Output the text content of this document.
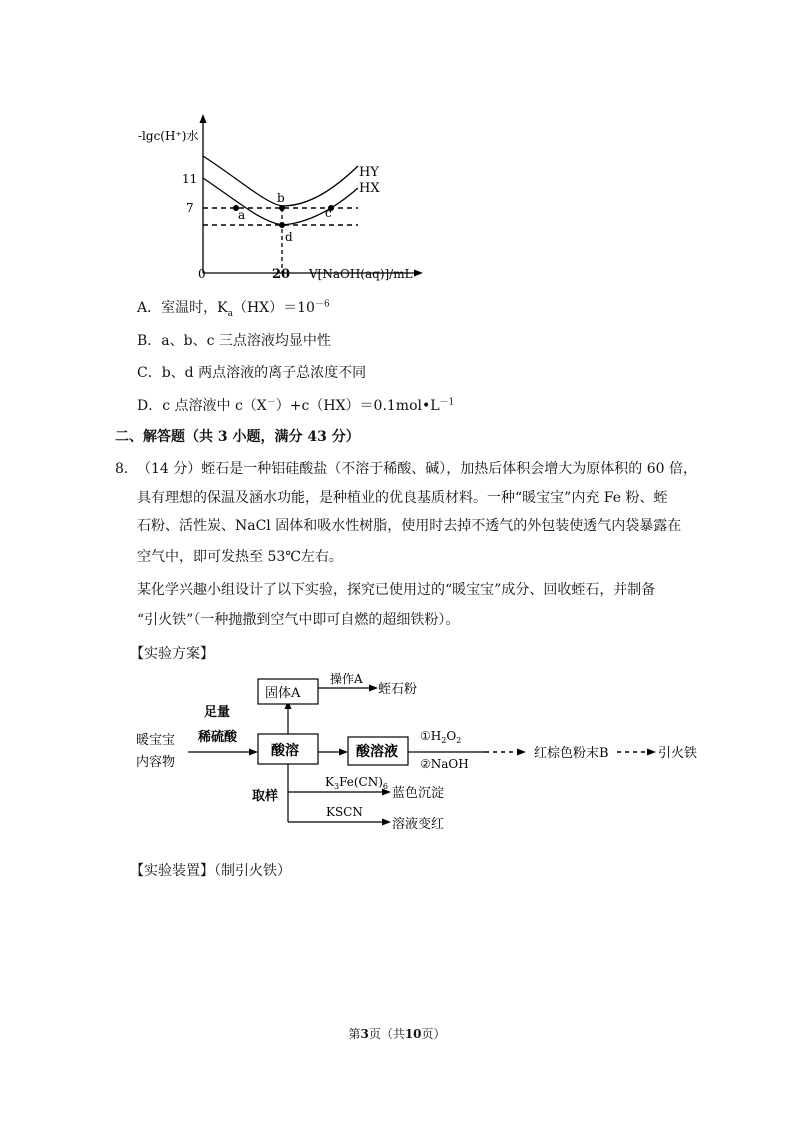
-lgc(H⁺)水
11
7
0	20 V[NaOH(aq)]/mL
HY
HX
a
b
c
d
A．室温时，$K_a(HX)=10^{-6}$
B．a、b、c 三点溶液均显中性
C．b、d 两点溶液的离子总浓度不同
D．c 点溶液中 $c(X^-)+c(HX)=0.1mol•L^{-1}$
二、解答题（共 3 小题，满分 43 分）
8． （14 分）蛭石是一种铝硅酸盐（不溶于稀酸、碱），加热后体积会增大为原体积的 60 倍，
具有理想的保温及涵水功能，是种植业的优良基质材料。一种“暖宝宝”内充 Fe 粉、蛭
石粉、活性炭、NaCl 固体和吸水性树脂，使用时去掉不透气的外包装使透气内袋暴露在
空气中，即可发热至 53℃左右。
某化学兴趣小组设计了以下实验，探究已使用过的“暖宝宝”成分、回收蛭石，并制备
“引火铁”（一种抛撒到空气中即可自燃的超细铁粉）。
【实验方案】
暖宝宝
内容物
足量
稀硫酸
酸溶
固体A
操作A
蛭石粉
酸溶液
$①H_2O_2$
②NaOH
红棕色粉末B	引火铁
取样
$K_3Fe(CN)_6$ 蓝色沉淀
KSCN
溶液变红
【实验装置】（制引火铁）
第3页（共10页）
